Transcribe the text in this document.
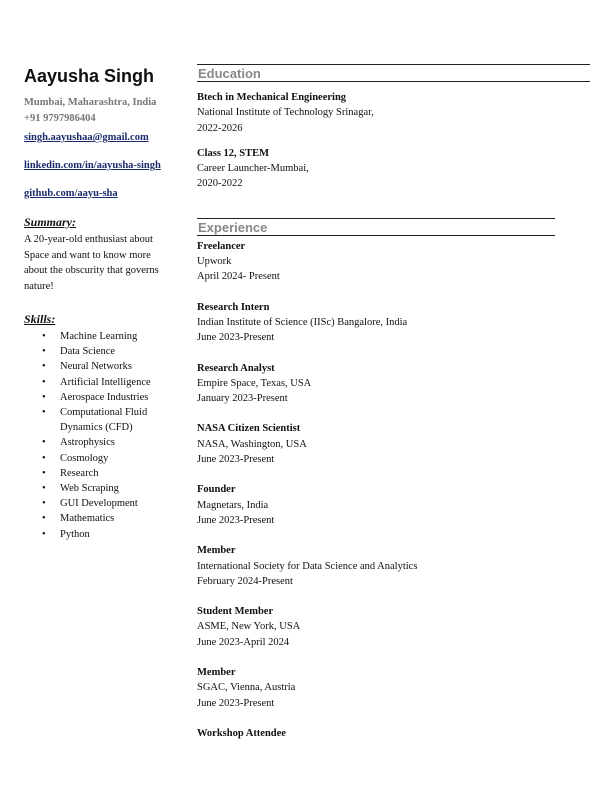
Aayusha Singh
Mumbai, Maharashtra, India
+91 9797986404
singh.aayushaa@gmail.com
linkedin.com/in/aayusha-singh
github.com/aayu-sha
Summary:

A 20-year-old enthusiast about Space and want to know more about the obscurity that governs nature!

Skills:
• Machine Learning
• Data Science
• Neural Networks
• Artificial Intelligence
• Aerospace Industries
• Computational Fluid Dynamics (CFD)
• Astrophysics
• Cosmology
• Research
• Web Scraping
• GUI Development
• Mathematics
• Python
Education
Btech in Mechanical Engineering
National Institute of Technology Srinagar,
2022-2026
Class 12, STEM
Career Launcher-Mumbai,
2020-2022
Experience
Freelancer
Upwork
April 2024- Present
Research Intern
Indian Institute of Science (IISc) Bangalore, India
June 2023-Present
Research Analyst
Empire Space, Texas, USA
January 2023-Present
NASA Citizen Scientist
NASA, Washington, USA
June 2023-Present
Founder
Magnetars, India
June 2023-Present
Member
International Society for Data Science and Analytics
February 2024-Present
Student Member
ASME, New York, USA
June 2023-April 2024
Member
SGAC, Vienna, Austria
June 2023-Present
Workshop Attendee
